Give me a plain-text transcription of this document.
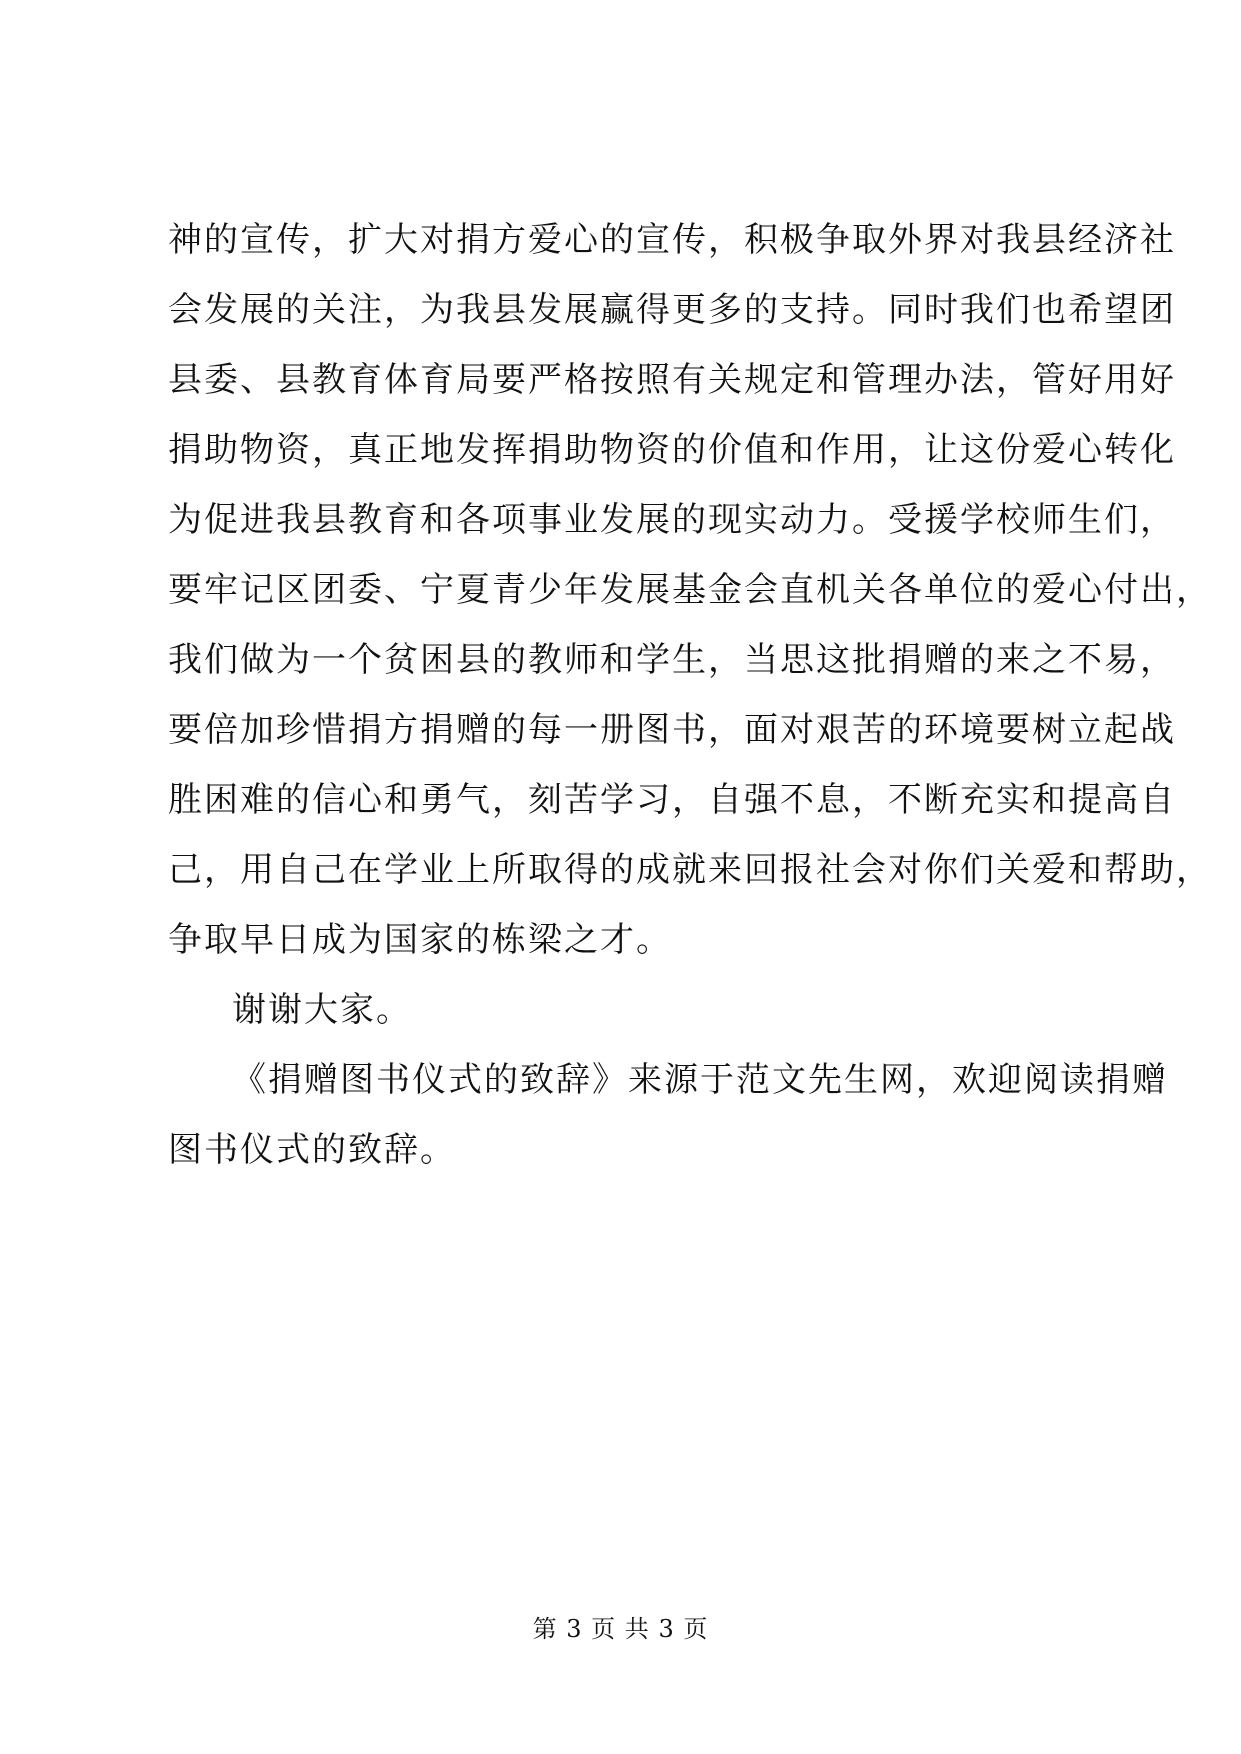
神的宣传，扩大对捐方爱心的宣传，积极争取外界对我县经济社
会发展的关注，为我县发展赢得更多的支持。同时我们也希望团
县委、县教育体育局要严格按照有关规定和管理办法，管好用好
捐助物资，真正地发挥捐助物资的价值和作用，让这份爱心转化
为促进我县教育和各项事业发展的现实动力。受援学校师生们，
要牢记区团委、宁夏青少年发展基金会直机关各单位的爱心付出，
我们做为一个贫困县的教师和学生，当思这批捐赠的来之不易，
要倍加珍惜捐方捐赠的每一册图书，面对艰苦的环境要树立起战
胜困难的信心和勇气，刻苦学习，自强不息，不断充实和提高自
己，用自己在学业上所取得的成就来回报社会对你们关爱和帮助，
争取早日成为国家的栋梁之才。
谢谢大家。
《捐赠图书仪式的致辞》来源于范文先生网，欢迎阅读捐赠
图书仪式的致辞。
第 3 页 共 3 页
